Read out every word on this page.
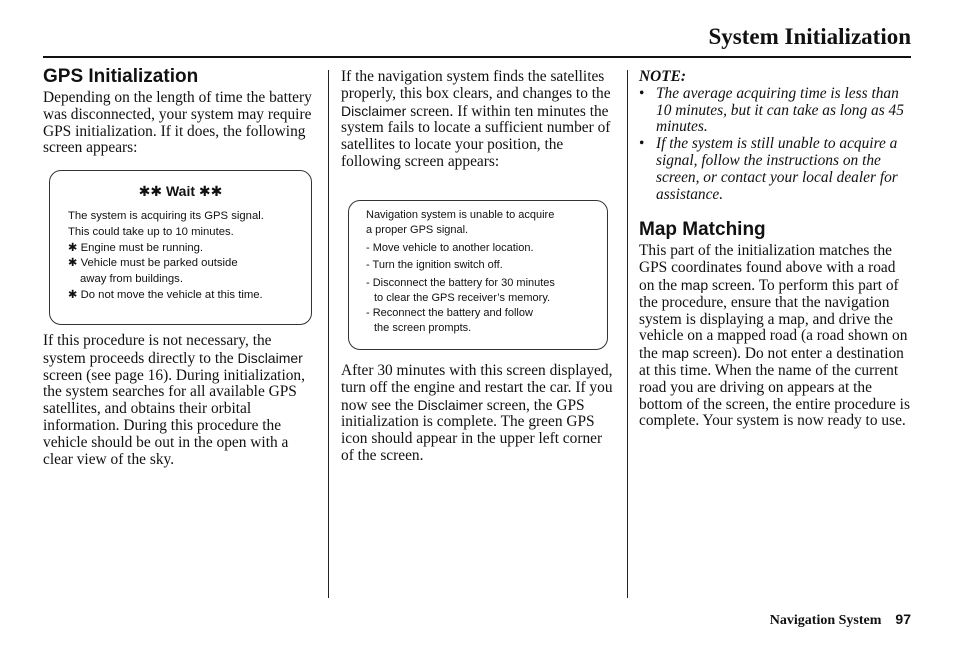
System Initialization
GPS Initialization

Depending on the length of time the battery was disconnected, your system may require GPS initialization. If it does, the following screen appears:

✱✱ Wait ✱✱
The system is acquiring its GPS signal.
This could take up to 10 minutes.
✱ Engine must be running.
✱ Vehicle must be parked outside
away from buildings.
✱ Do not move the vehicle at this time.

If this procedure is not necessary, the system proceeds directly to the Disclaimer screen (see page 16). During initialization, the system searches for all available GPS satellites, and obtains their orbital information. During this procedure the vehicle should be out in the open with a clear view of the sky.

If the navigation system finds the satellites properly, this box clears, and changes to the Disclaimer screen. If within ten minutes the system fails to locate a sufficient number of satellites to locate your position, the following screen appears:

Navigation system is unable to acquire
a proper GPS signal.
- Move vehicle to another location.
- Turn the ignition switch off.
- Disconnect the battery for 30 minutes
to clear the GPS receiver’s memory.
- Reconnect the battery and follow
the screen prompts.

After 30 minutes with this screen displayed, turn off the engine and restart the car. If you now see the Disclaimer screen, the GPS initialization is complete. The green GPS icon should appear in the upper left corner of the screen.

NOTE:
• The average acquiring time is less than 10 minutes, but it can take as long as 45 minutes.
• If the system is still unable to acquire a signal, follow the instructions on the screen, or contact your local dealer for assistance.
Map Matching

This part of the initialization matches the GPS coordinates found above with a road on the map screen. To perform this part of the procedure, ensure that the navigation system is displaying a map, and drive the vehicle on a mapped road (a road shown on the map screen). Do not enter a destination at this time. When the name of the current road you are driving on appears at the bottom of the screen, the entire procedure is complete. Your system is now ready to use.

Navigation System 97
